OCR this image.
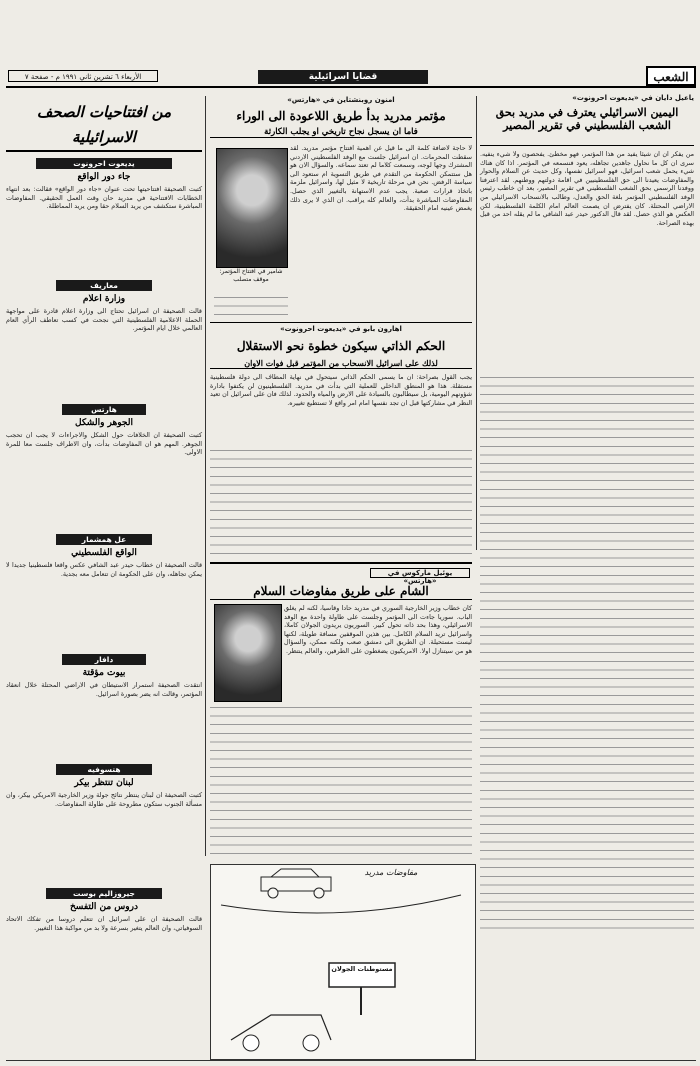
الأربعاء ٦ تشرين ثاني ١٩٩١ م - صفحة ٧	قضايا اسرائيلية	الشعب
ياعيل دايان في «يديعوت احرونوت»
اليمين الاسرائيلي يعترف في مدريد بحق الشعب الفلسطيني في تقرير المصير
من يفكر ان ان شيئا يفيد من هذا المؤتمر، فهو مخطئ. يفحصون ولا شيء ينفيه. سرى ان كل ما نحاول جاهدين تجاهله، يعود فنسمعه في المؤتمر. اذا كان هناك شيء يحمل شعب اسرائيل، فهو اسرائيل نفسها، وكل حديث عن السلام والحوار والمفاوضات يعيدنا الى حق الفلسطينيين في اقامة دولتهم ووطنهم. لقد اعترفنا ووفدنا الرسمي بحق الشعب الفلسطيني في تقرير المصير، بعد ان خاطب رئيس الوفد الفلسطيني المؤتمر بلغة الحق والعدل، وطالب بالانسحاب الاسرائيلي من الاراضي المحتلة. كان يفترض ان يصمت العالم امام الكلمة الفلسطينية، لكن العكس هو الذي حصل. لقد قال الدكتور حيدر عبد الشافي ما لم يقله احد من قبل بهذه الصراحة.
امنون روبنشتاين في «هارتس»
مؤتمر مدريد بدأ طريق اللاعودة الى الوراء
فاما ان يسجل نجاح تاريخي او يجلب الكارثة
لا حاجة لاضافة كلمة الى ما قيل عن اهمية افتتاح مؤتمر مدريد. لقد سقطت المحرمات. ان اسرائيل جلست مع الوفد الفلسطيني الاردني المشترك وجها لوجه، وسمعت كلاما لم تعتد سماعه. والسؤال الان هو هل ستتمكن الحكومة من التقدم في طريق التسوية ام ستعود الى سياسة الرفض. نحن في مرحلة تاريخية لا مثيل لها، واسرائيل ملزمة باتخاذ قرارات صعبة. يجب عدم الاستهانة بالتغيير الذي حصل. المفاوضات المباشرة بدأت، والعالم كله يراقب. ان الذي لا يرى ذلك يغمض عينيه امام الحقيقة.
شامير في افتتاح المؤتمر: موقف متصلب
اهارون بابو في «يديعوت احرونوت»
الحكم الذاتي سيكون خطوة نحو الاستقلال
لذلك على اسرائيل الانسحاب من المؤتمر قبل فوات الاوان
يجب القول بصراحة: ان ما يسمى الحكم الذاتي سيتحول في نهاية المطاف الى دولة فلسطينية مستقلة. هذا هو المنطق الداخلي للعملية التي بدأت في مدريد. الفلسطينيون لن يكتفوا بادارة شؤونهم اليومية، بل سيطالبون بالسيادة على الارض والمياه والحدود. لذلك فان على اسرائيل ان تعيد النظر في مشاركتها قبل ان تجد نفسها امام امر واقع لا تستطيع تغييره.
يوئيل ماركوس في «هارتس»
الشام على طريق مفاوضات السلام
كان خطاب وزير الخارجية السوري في مدريد حادا وقاسيا، لكنه لم يغلق الباب. سوريا جاءت الى المؤتمر وجلست على طاولة واحدة مع الوفد الاسرائيلي، وهذا بحد ذاته تحول كبير. السوريون يريدون الجولان كاملا، واسرائيل تريد السلام الكامل. بين هذين الموقفين مسافة طويلة، لكنها ليست مستحيلة. ان الطريق الى دمشق صعب ولكنه ممكن، والسؤال هو من سيتنازل اولا. الامريكيون يضغطون على الطرفين، والعالم ينتظر.
من افتتاحيات الصحف الاسرائيلية
يديعوت احرونوت
جاء دور الواقع
كتبت الصحيفة افتتاحيتها تحت عنوان «جاء دور الواقع» فقالت: بعد انتهاء الخطابات الافتتاحية في مدريد حان وقت العمل الحقيقي. المفاوضات المباشرة ستكشف من يريد السلام حقا ومن يريد المماطلة.
معاريف
وزارة اعلام
قالت الصحيفة ان اسرائيل تحتاج الى وزارة اعلام قادرة على مواجهة الحملة الاعلامية الفلسطينية التي نجحت في كسب تعاطف الرأي العام العالمي خلال ايام المؤتمر.
هارتس
الجوهر والشكل
كتبت الصحيفة ان الخلافات حول الشكل والاجراءات لا يجب ان تحجب الجوهر. المهم هو ان المفاوضات بدأت، وان الاطراف جلست معا للمرة الاولى.
عل همشمار
الواقع الفلسطيني
قالت الصحيفة ان خطاب حيدر عبد الشافي عكس واقعا فلسطينيا جديدا لا يمكن تجاهله، وان على الحكومة ان تتعامل معه بجدية.
دافار
بيوت مؤقتة
انتقدت الصحيفة استمرار الاستيطان في الاراضي المحتلة خلال انعقاد المؤتمر، وقالت انه يضر بصورة اسرائيل.
هتسوفيه
لبنان تنتظر بيكر
كتبت الصحيفة ان لبنان ينتظر نتائج جولة وزير الخارجية الامريكي بيكر، وان مسألة الجنوب ستكون مطروحة على طاولة المفاوضات.
جيروزاليم بوست
دروس من التفسخ
قالت الصحيفة ان على اسرائيل ان تتعلم دروسا من تفكك الاتحاد السوفياتي، وان العالم يتغير بسرعة ولا بد من مواكبة هذا التغيير.
مفاوضات مدريد
مستوطنات الجولان
